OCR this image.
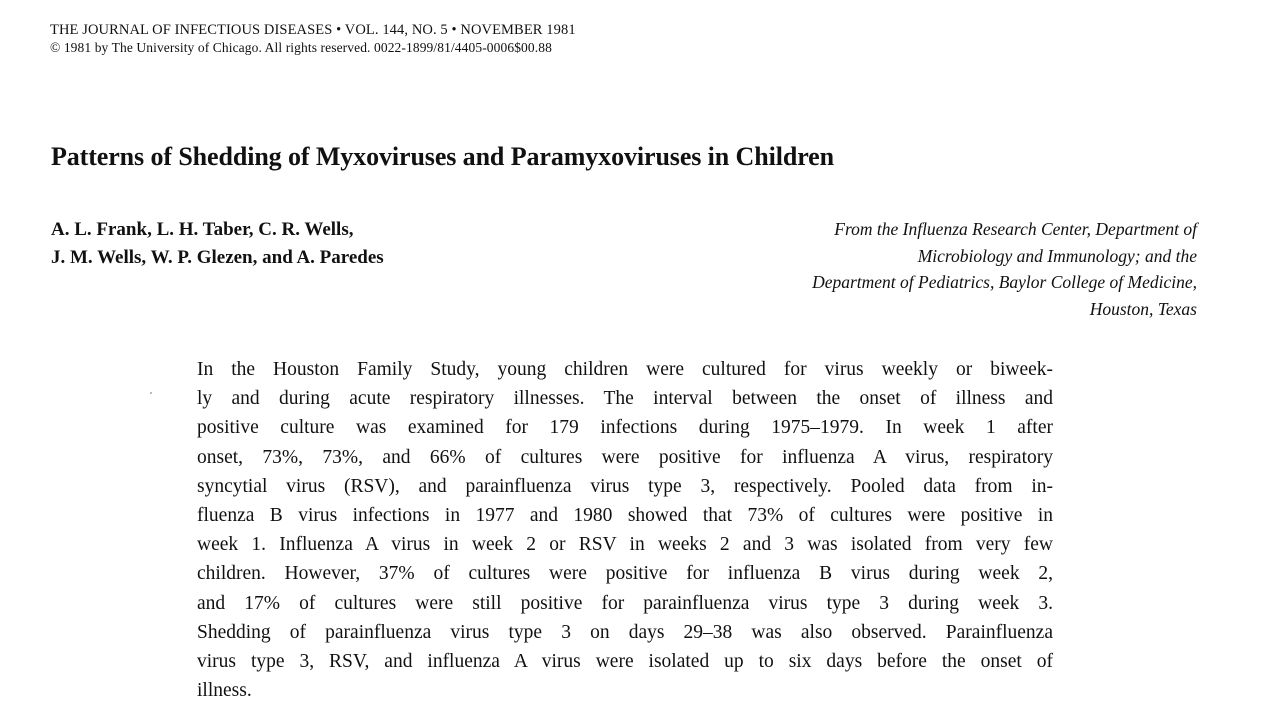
THE JOURNAL OF INFECTIOUS DISEASES • VOL. 144, NO. 5 • NOVEMBER 1981
© 1981 by The University of Chicago. All rights reserved. 0022-1899/81/4405-0006$00.88
Patterns of Shedding of Myxoviruses and Paramyxoviruses in Children
A. L. Frank, L. H. Taber, C. R. Wells,
J. M. Wells, W. P. Glezen, and A. Paredes
From the Influenza Research Center, Department of
Microbiology and Immunology; and the
Department of Pediatrics, Baylor College of Medicine,
Houston, Texas
In the Houston Family Study, young children were cultured for virus weekly or biweek-
ly and during acute respiratory illnesses. The interval between the onset of illness and
positive culture was examined for 179 infections during 1975–1979. In week 1 after
onset, 73%, 73%, and 66% of cultures were positive for influenza A virus, respiratory
syncytial virus (RSV), and parainfluenza virus type 3, respectively. Pooled data from in-
fluenza B virus infections in 1977 and 1980 showed that 73% of cultures were positive in
week 1. Influenza A virus in week 2 or RSV in weeks 2 and 3 was isolated from very few
children. However, 37% of cultures were positive for influenza B virus during week 2,
and 17% of cultures were still positive for parainfluenza virus type 3 during week 3.
Shedding of parainfluenza virus type 3 on days 29–38 was also observed. Parainfluenza
virus type 3, RSV, and influenza A virus were isolated up to six days before the onset of
illness.
